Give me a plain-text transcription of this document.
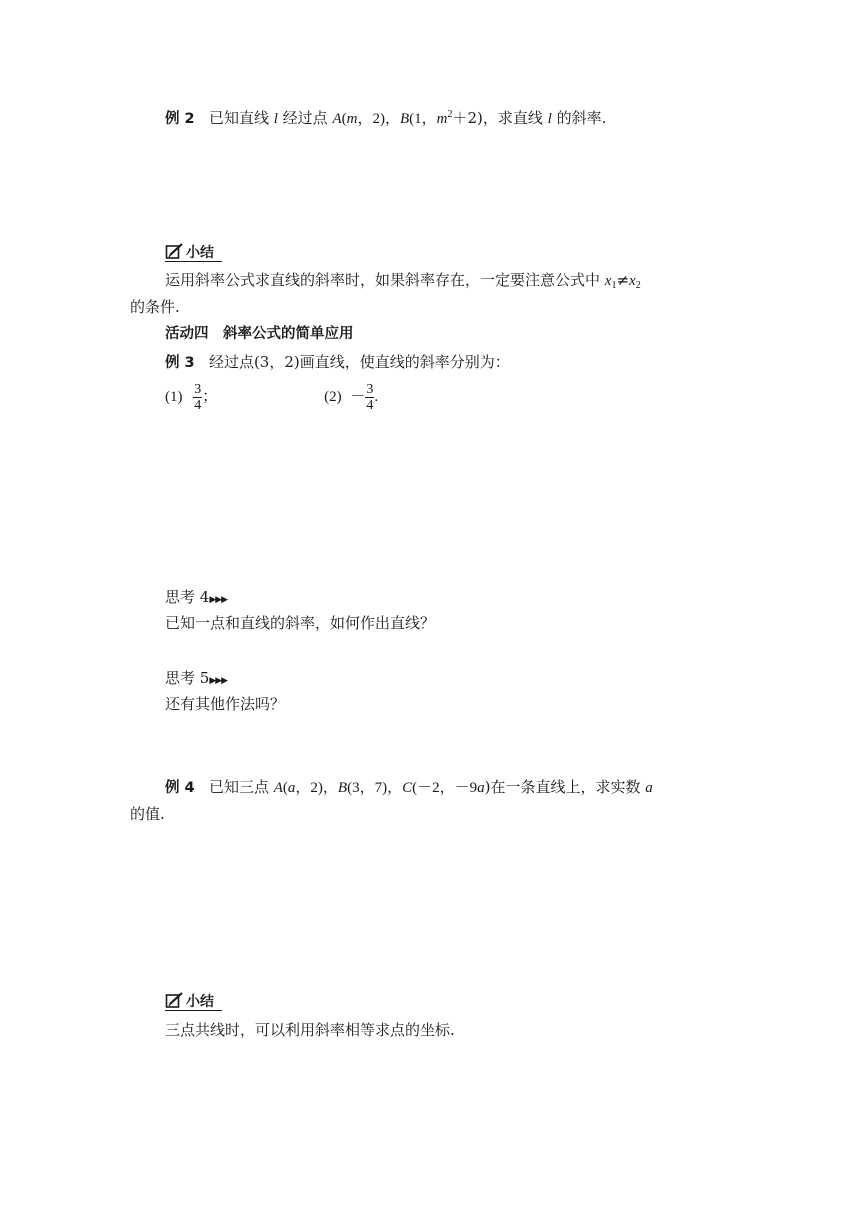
例 2 已知直线 l 经过点 A(m，2)，B(1，$m^2+2$)，求直线 l 的斜率.
小结
运用斜率公式求直线的斜率时，如果斜率存在，一定要注意公式中 $x_1\ne x_2$
的条件.
活动四　斜率公式的简单应用
例 3 经过点(3，2)画直线，使直线的斜率分别为：
$(1) \frac{3}{4}$ ；	$(2) - \frac{3}{4}$ .
思考 4▶▶▶
已知一点和直线的斜率，如何作出直线？
思考 5▶▶▶
还有其他作法吗？
例 4 已知三点 A(a，2)，B(3，7)，C(－2，－9a)在一条直线上，求实数 a
的值.
小结
三点共线时，可以利用斜率相等求点的坐标.
